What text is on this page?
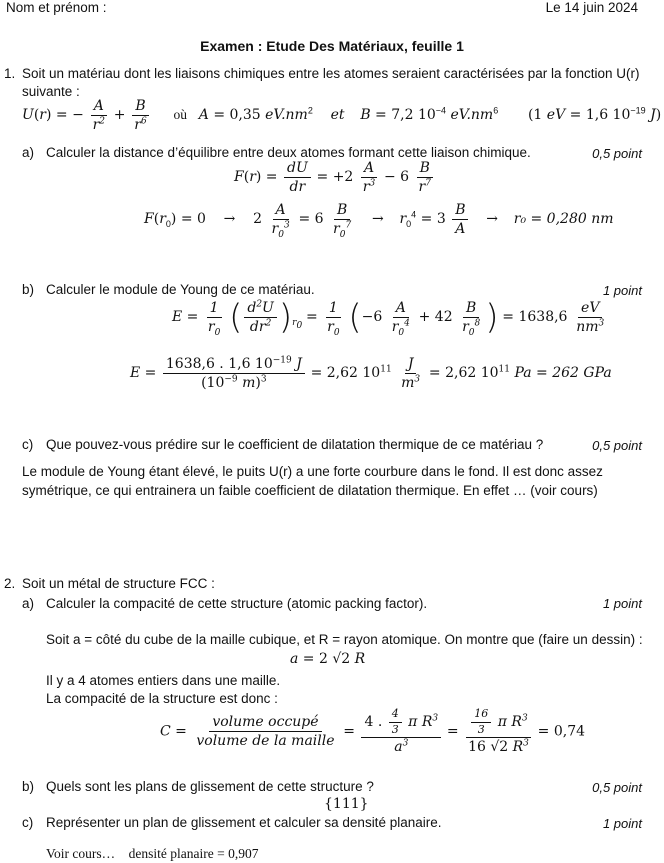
Nom et prénom :	Le 14 juin 2024
Examen : Etude Des Matériaux, feuille 1
1. Soit un matériau dont les liaisons chimiques entre les atomes seraient caractérisées par la fonction U(r)
suivante :
U(r) = − $\frac{A}{r^2} + \frac{B}{r^6}$ où A = 0,35 $eV.nm^2$ et B = 7,2 $10^{-4}$ $eV.nm^6$ (1 eV = 1,6 $10^{-19}$ J)
a) Calculer la distance d’équilibre entre deux atomes formant cette liaison chimique.	0,5 point
$F(r) = \frac{dU}{dr} = +2 \frac{A}{r^3} - 6 \frac{B}{r^7}$
$F(r_0) = 0 \to 2 \frac{A}{r_0^3} = 6 \frac{B}{r_0^7} \to r_0^4 = 3 \frac{B}{A} \to r_0 = 0,280$ nm
b) Calculer le module de Young de ce matériau.	1 point
$E = \frac{1}{r_0}$ ( $\frac{d^2U}{dr^2} )_{r_0} = \frac{1}{r_0} (-6 \frac{A}{r_0^4} + 42 \frac{B}{r_0^8}$ ) = $1638,6 \frac{eV}{nm^3}$
$E = \frac{1638,6 . 1,6 10^{-19} J}{(10^{-9} m)^3} = 2,62$ $10^{11} \frac{J}{m^3} = 2,62$ $10^{11}$ Pa = 262 GPa
c) Que pouvez-vous prédire sur le coefficient de dilatation thermique de ce matériau ?	0,5 point
Le module de Young étant élevé, le puits U(r) a une forte courbure dans le fond. Il est donc assez
symétrique, ce qui entrainera un faible coefficient de dilatation thermique. En effet … (voir cours)
2. Soit un métal de structure FCC :
a) Calculer la compacité de cette structure (atomic packing factor).	1 point
Soit a = côté du cube de la maille cubique, et R = rayon atomique. On montre que (faire un dessin) :
a = 2 √2 R
Il y a 4 atomes entiers dans une maille.
La compacité de la structure est donc :
$C = \frac{\text{volume occupé}}{\text{volume de la maille}} = \frac{4 . \frac{4}{3} \pi R^3}{a^3} = \frac{\frac{16}{3} \pi R^3}{16 √2 R^3} = 0,74$
b) Quels sont les plans de glissement de cette structure ?	0,5 point
{111}
c) Représenter un plan de glissement et calculer sa densité planaire.	1 point
Voir cours…    densité planaire = 0,907
